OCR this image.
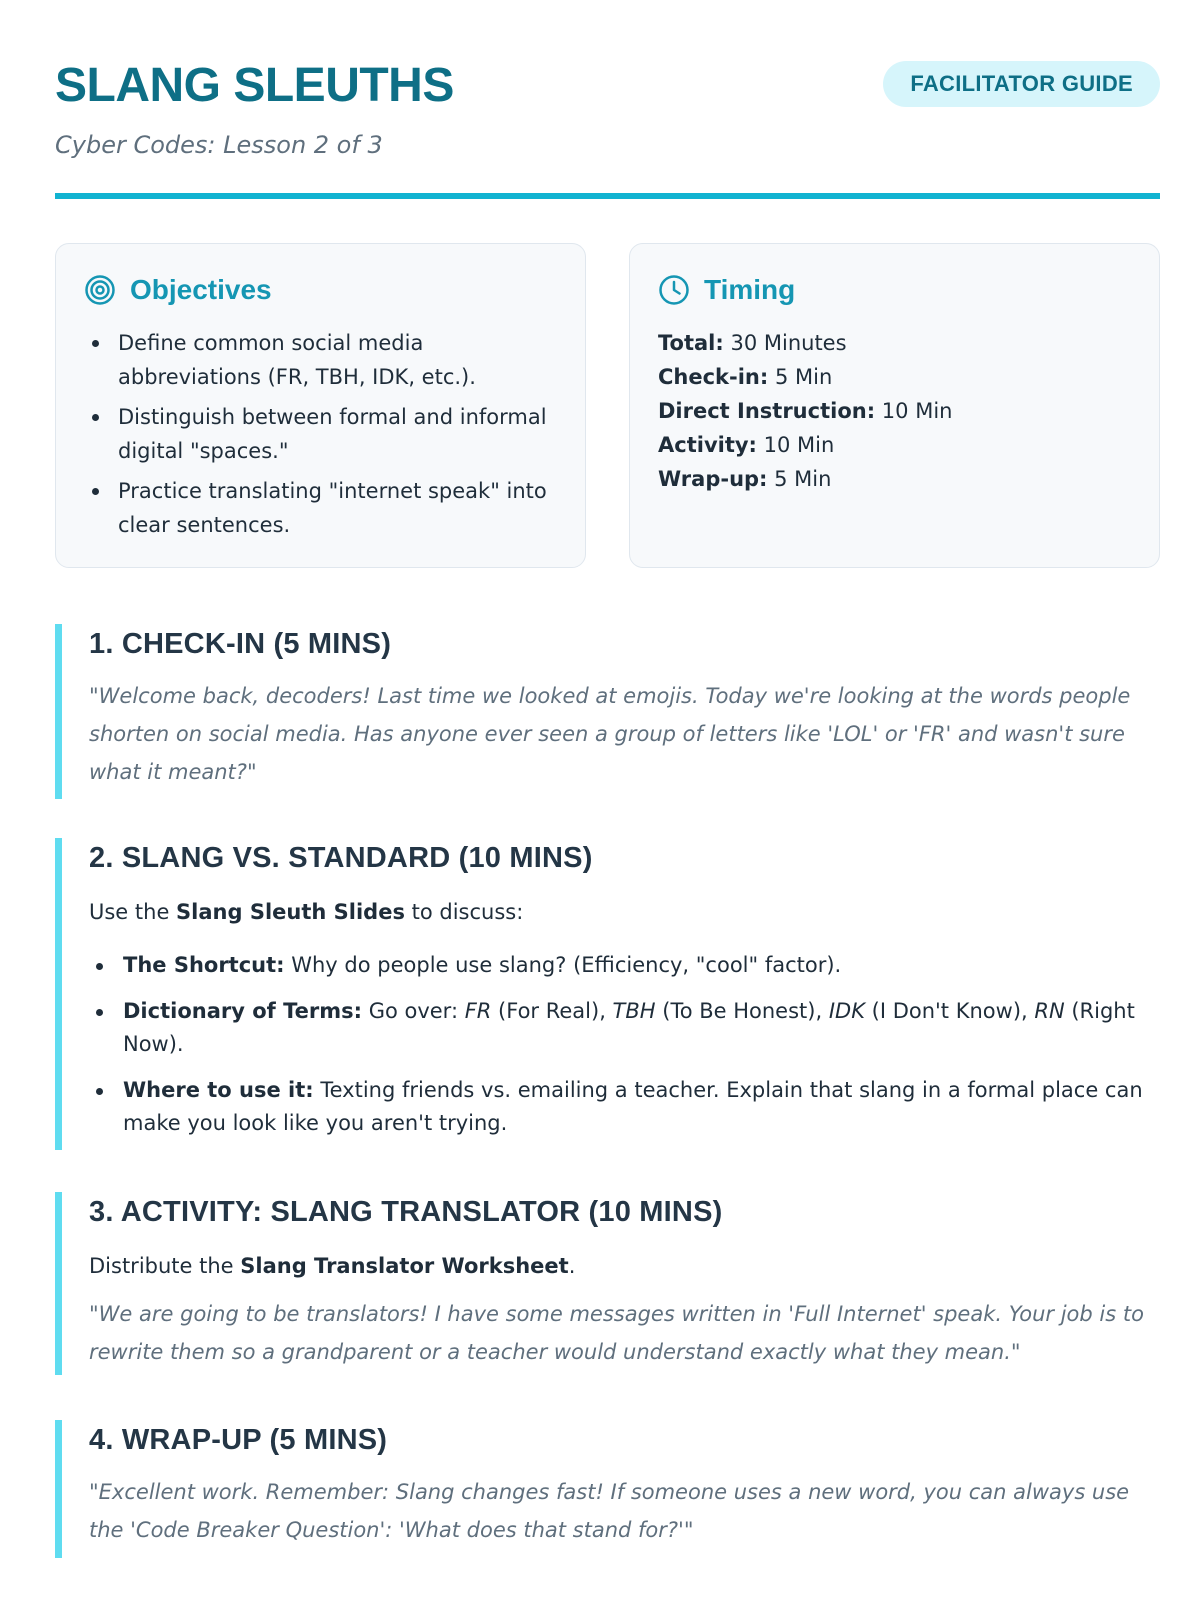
SLANG SLEUTHS
Cyber Codes: Lesson 2 of 3
FACILITATOR GUIDE
Objectives
Define common social media abbreviations (FR, TBH, IDK, etc.).
Distinguish between formal and informal digital "spaces."
Practice translating "internet speak" into clear sentences.
Timing
Total: 30 Minutes
Check-in: 5 Min
Direct Instruction: 10 Min
Activity: 10 Min
Wrap-up: 5 Min
1. CHECK-IN (5 MINS)
"Welcome back, decoders! Last time we looked at emojis. Today we're looking at the words people shorten on social media. Has anyone ever seen a group of letters like 'LOL' or 'FR' and wasn't sure what it meant?"
2. SLANG VS. STANDARD (10 MINS)
Use the Slang Sleuth Slides to discuss:
The Shortcut: Why do people use slang? (Efficiency, "cool" factor).
Dictionary of Terms: Go over: FR (For Real), TBH (To Be Honest), IDK (I Don't Know), RN (Right Now).
Where to use it: Texting friends vs. emailing a teacher. Explain that slang in a formal place can make you look like you aren't trying.
3. ACTIVITY: SLANG TRANSLATOR (10 MINS)
Distribute the Slang Translator Worksheet.
"We are going to be translators! I have some messages written in 'Full Internet' speak. Your job is to rewrite them so a grandparent or a teacher would understand exactly what they mean."
4. WRAP-UP (5 MINS)
"Excellent work. Remember: Slang changes fast! If someone uses a new word, you can always use the 'Code Breaker Question': 'What does that stand for?'"
